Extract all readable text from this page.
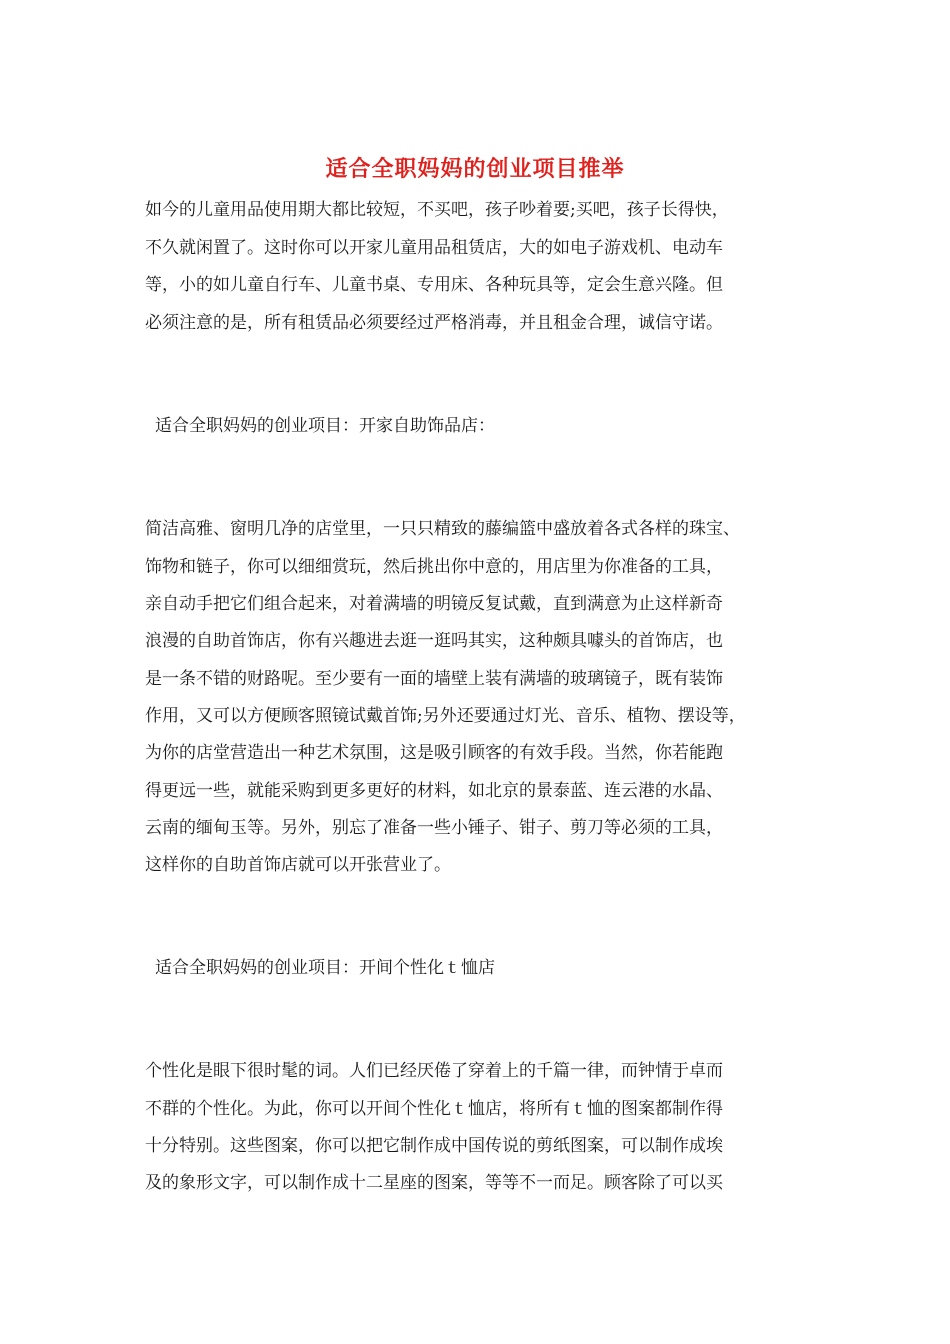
适合全职妈妈的创业项目推举
如今的儿童用品使用期大都比较短，不买吧，孩子吵着要;买吧，孩子长得快，
不久就闲置了。这时你可以开家儿童用品租赁店，大的如电子游戏机、电动车
等，小的如儿童自行车、儿童书桌、专用床、各种玩具等，定会生意兴隆。但
必须注意的是，所有租赁品必须要经过严格消毒，并且租金合理，诚信守诺。
适合全职妈妈的创业项目：开家自助饰品店：
简洁高雅、窗明几净的店堂里，一只只精致的藤编篮中盛放着各式各样的珠宝、
饰物和链子，你可以细细赏玩，然后挑出你中意的，用店里为你准备的工具，
亲自动手把它们组合起来，对着满墙的明镜反复试戴，直到满意为止这样新奇
浪漫的自助首饰店，你有兴趣进去逛一逛吗其实，这种颇具噱头的首饰店，也
是一条不错的财路呢。至少要有一面的墙壁上装有满墙的玻璃镜子，既有装饰
作用，又可以方便顾客照镜试戴首饰;另外还要通过灯光、音乐、植物、摆设等，
为你的店堂营造出一种艺术氛围，这是吸引顾客的有效手段。当然，你若能跑
得更远一些，就能采购到更多更好的材料，如北京的景泰蓝、连云港的水晶、
云南的缅甸玉等。另外，别忘了准备一些小锤子、钳子、剪刀等必须的工具，
这样你的自助首饰店就可以开张营业了。
适合全职妈妈的创业项目：开间个性化ｔ恤店
个性化是眼下很时髦的词。人们已经厌倦了穿着上的千篇一律，而钟情于卓而
不群的个性化。为此，你可以开间个性化ｔ恤店，将所有ｔ恤的图案都制作得
十分特别。这些图案，你可以把它制作成中国传说的剪纸图案，可以制作成埃
及的象形文字，可以制作成十二星座的图案，等等不一而足。顾客除了可以买
